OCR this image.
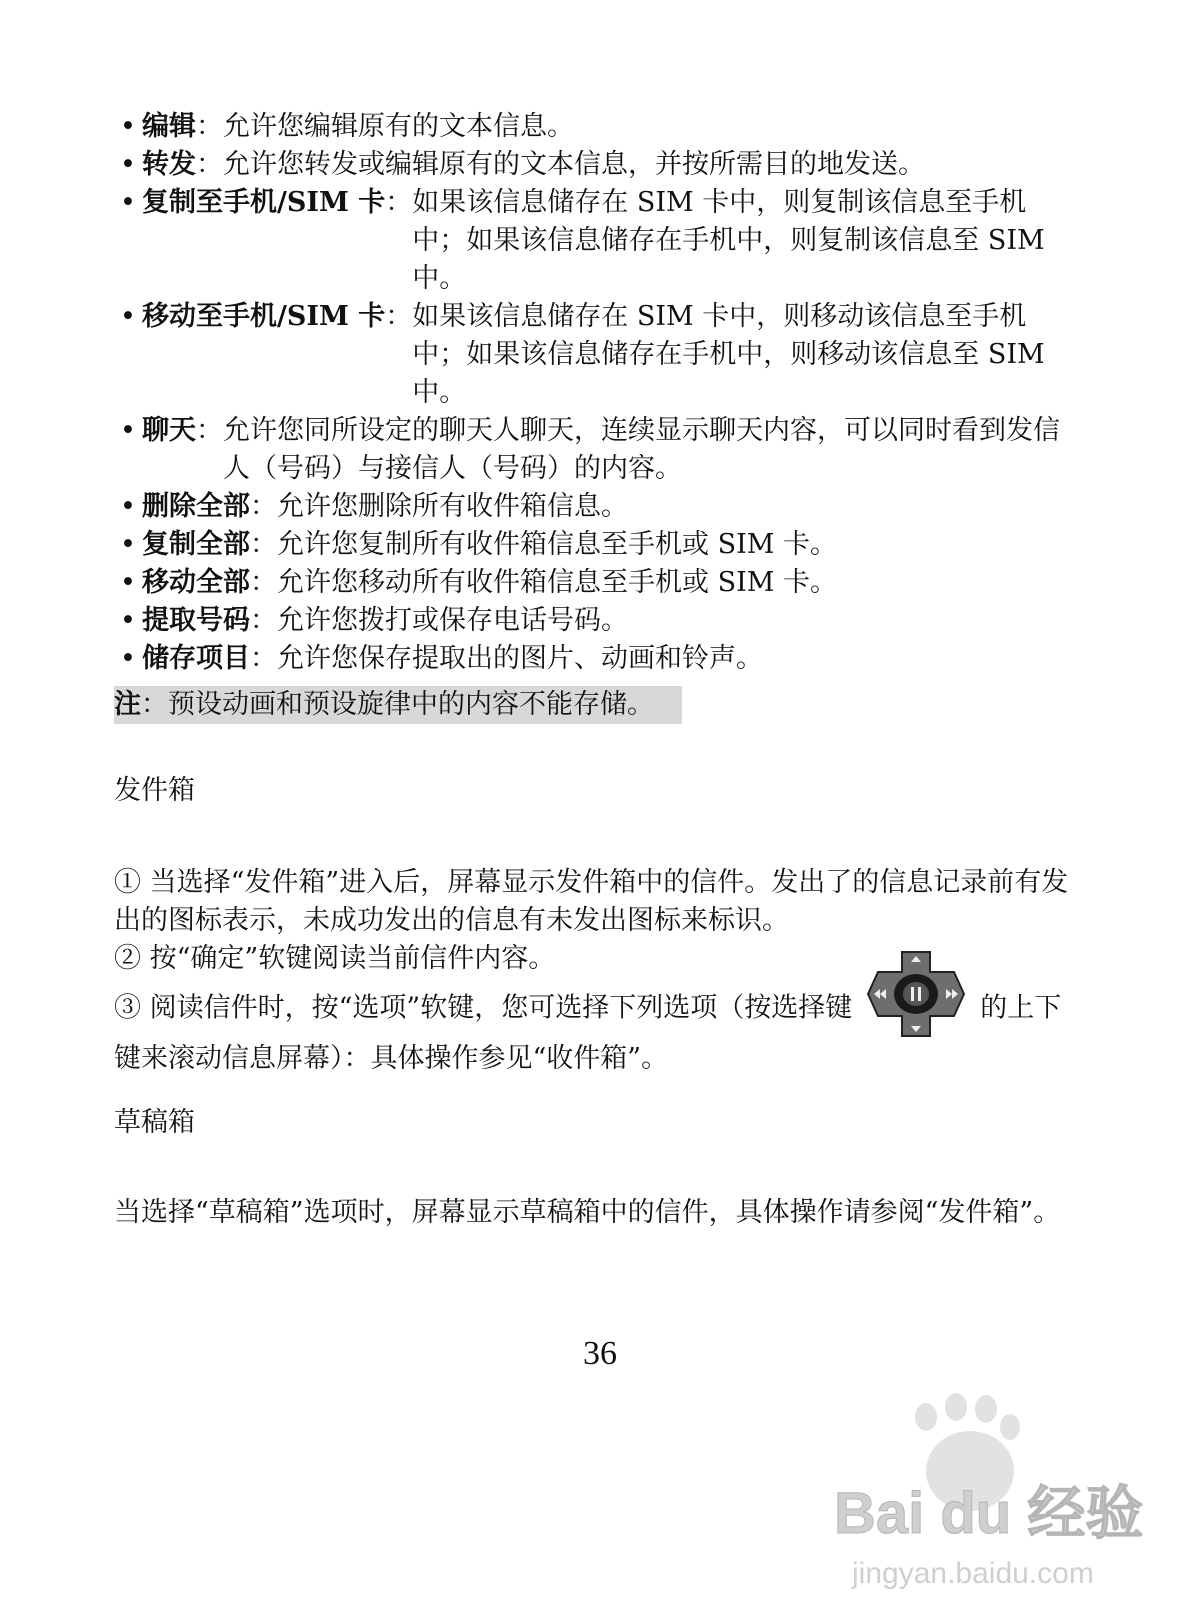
• 编辑 ： 允许您编辑原有的文本信息。
• 转发 ： 允许您转发或编辑原有的文本信息，并按所需目的地发送。
• 复制至手机/SIM 卡 ： 如果该信息储存在 SIM 卡中，则复制该信息至手机中；如果该信息储存在手机中，则复制该信息至 SIM 中。
• 移动至手机/SIM 卡 ： 如果该信息储存在 SIM 卡中，则移动该信息至手机中；如果该信息储存在手机中，则移动该信息至 SIM 中。
• 聊天 ： 允许您同所设定的聊天人聊天，连续显示聊天内容，可以同时看到发信人（号码）与接信人（号码）的内容。
• 删除全部 ： 允许您删除所有收件箱信息。
• 复制全部 ： 允许您复制所有收件箱信息至手机或 SIM 卡。
• 移动全部 ： 允许您移动所有收件箱信息至手机或 SIM 卡。
• 提取号码 ： 允许您拨打或保存电话号码。
• 储存项目 ： 允许您保存提取出的图片、动画和铃声。
注：预设动画和预设旋律中的内容不能存储。
发件箱

① 当选择“发件箱”进入后，屏幕显示发件箱中的信件。发出了的信息记录前有发出的图标表示，未成功发出的信息有未发出图标来标识。

② 按“确定”软键阅读当前信件内容。

③ 阅读信件时，按“选项”软键，您可选择下列选项（按选择键	的上下键来滚动信息屏幕）：具体操作参见“收件箱”。

草稿箱

当选择“草稿箱”选项时，屏幕显示草稿箱中的信件，具体操作请参阅“发件箱”。

36
Bai du 经验
jingyan.baidu.com
